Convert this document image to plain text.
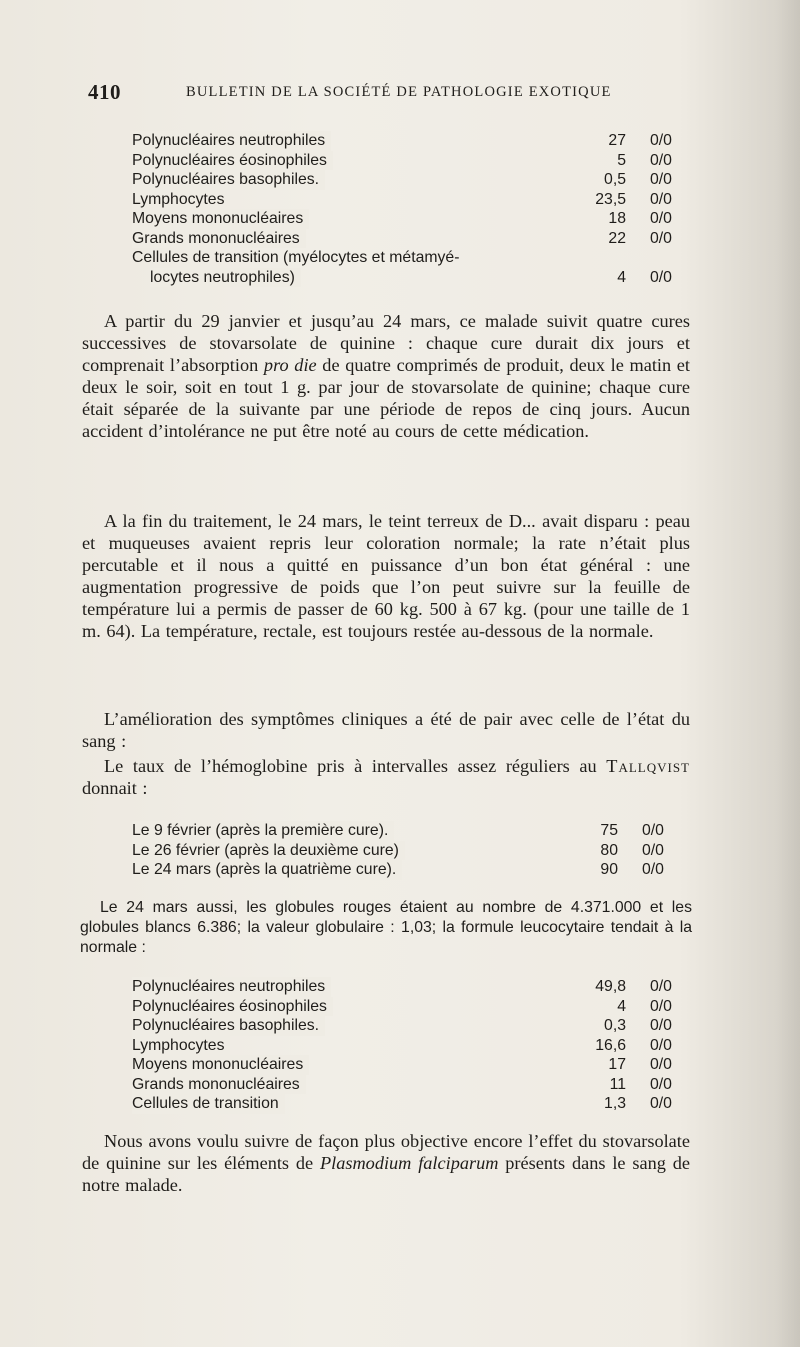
410	BULLETIN DE LA SOCIÉTÉ DE PATHOLOGIE EXOTIQUE
Polynucléaires neutrophiles	27 0/0
Polynucléaires éosinophiles	5 0/0
Polynucléaires basophiles.	0,5 0/0
Lymphocytes	23,5 0/0
Moyens mononucléaires	18 0/0
Grands mononucléaires	22 0/0
Cellules de transition (myélocytes et métamyé-
locytes neutrophiles)	4 0/0
A partir du 29 janvier et jusqu’au 24 mars, ce malade suivit quatre cures successives de stovarsolate de quinine : chaque cure durait dix jours et comprenait l’absorption pro die de quatre comprimés de produit, deux le matin et deux le soir, soit en tout 1 g. par jour de stovarsolate de quinine; chaque cure était séparée de la suivante par une période de repos de cinq jours. Aucun accident d’intolérance ne put être noté au cours de cette médication.
A la fin du traitement, le 24 mars, le teint terreux de D... avait disparu : peau et muqueuses avaient repris leur coloration normale; la rate n’était plus percutable et il nous a quitté en puissance d’un bon état général : une augmentation progressive de poids que l’on peut suivre sur la feuille de température lui a permis de passer de 60 kg. 500 à 67 kg. (pour une taille de 1 m. 64). La température, rectale, est toujours restée au-dessous de la normale.
L’amélioration des symptômes cliniques a été de pair avec celle de l’état du sang :
Le taux de l’hémoglobine pris à intervalles assez réguliers au Tallqvist donnait :
Le 9 février (après la première cure).	75 0/0
Le 26 février (après la deuxième cure)	80 0/0
Le 24 mars (après la quatrième cure).	90 0/0
Le 24 mars aussi, les globules rouges étaient au nombre de 4.371.000 et les globules blancs 6.386; la valeur globulaire : 1,03; la formule leucocytaire tendait à la normale :
Polynucléaires neutrophiles	49,8 0/0
Polynucléaires éosinophiles	4 0/0
Polynucléaires basophiles.	0,3 0/0
Lymphocytes	16,6 0/0
Moyens mononucléaires	17 0/0
Grands mononucléaires	11 0/0
Cellules de transition	1,3 0/0
Nous avons voulu suivre de façon plus objective encore l’effet du stovarsolate de quinine sur les éléments de Plasmodium falciparum présents dans le sang de notre malade.
